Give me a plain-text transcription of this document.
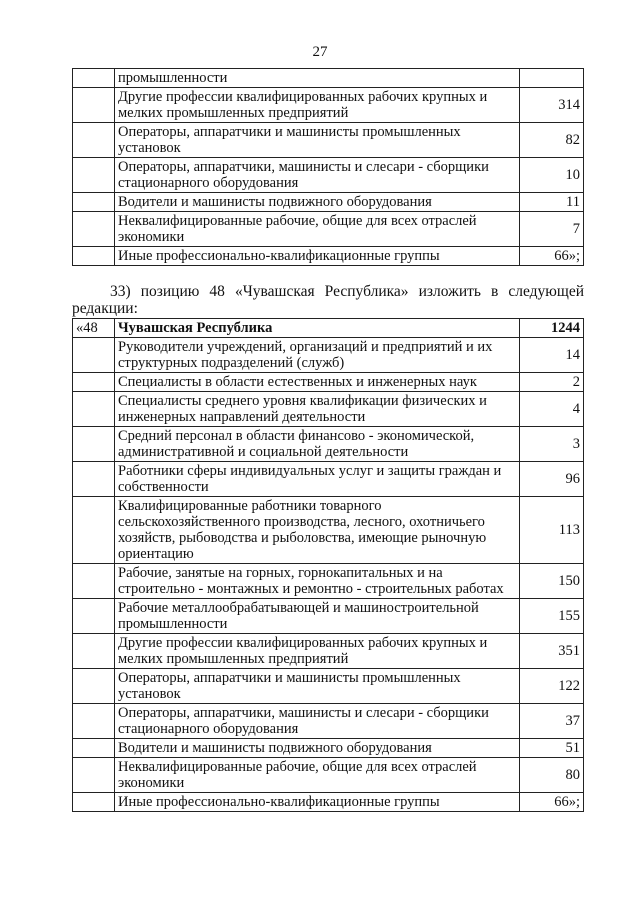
27
	промышленности	
	Другие профессии квалифицированных рабочих крупных и мелких промышленных предприятий	314
	Операторы, аппаратчики и машинисты промышленных установок	82
	Операторы, аппаратчики, машинисты и слесари - сборщики стационарного оборудования	10
	Водители и машинисты подвижного оборудования	11
	Неквалифицированные рабочие, общие для всех отраслей экономики	7
	Иные профессионально-квалификационные группы	66»;
33) позицию 48 «Чувашская Республика» изложить в следующей
редакции:
«48	Чувашская Республика	1244
	Руководители учреждений, организаций и предприятий и их структурных подразделений (служб)	14
	Специалисты в области естественных и инженерных наук	2
	Специалисты среднего уровня квалификации физических и инженерных направлений деятельности	4
	Средний персонал в области финансово - экономической, административной и социальной деятельности	3
	Работники сферы индивидуальных услуг и защиты граждан и собственности	96
	Квалифицированные работники товарного сельскохозяйственного производства, лесного, охотничьего хозяйств, рыбоводства и рыболовства, имеющие рыночную ориентацию	113
	Рабочие, занятые на горных, горнокапитальных и на строительно - монтажных и ремонтно - строительных работах	150
	Рабочие металлообрабатывающей и машиностроительной промышленности	155
	Другие профессии квалифицированных рабочих крупных и мелких промышленных предприятий	351
	Операторы, аппаратчики и машинисты промышленных установок	122
	Операторы, аппаратчики, машинисты и слесари - сборщики стационарного оборудования	37
	Водители и машинисты подвижного оборудования	51
	Неквалифицированные рабочие, общие для всех отраслей экономики	80
	Иные профессионально-квалификационные группы	66»;
